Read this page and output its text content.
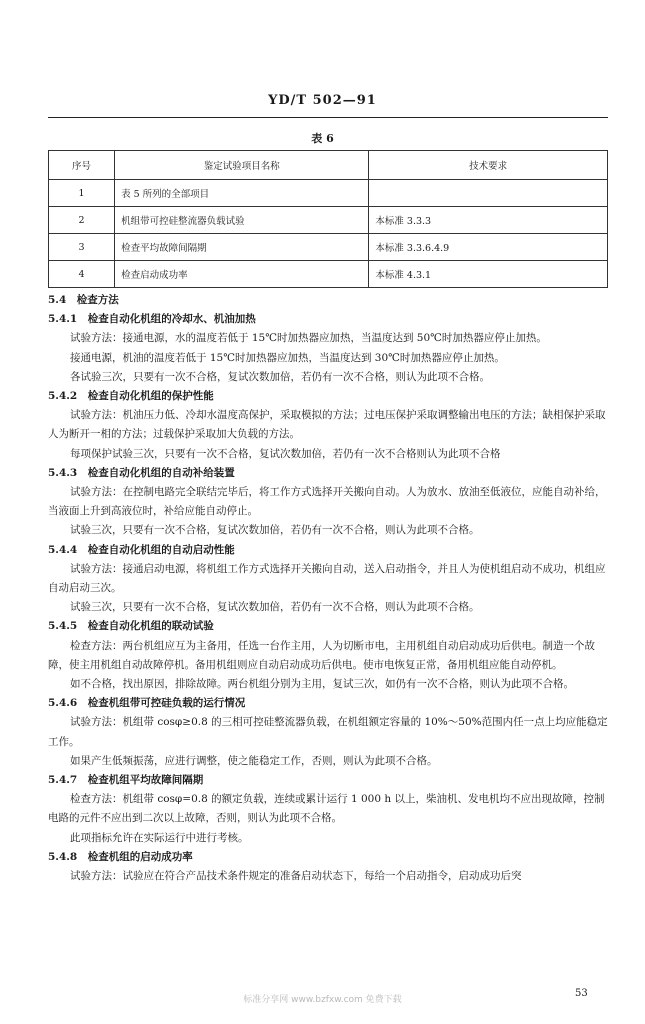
YD/T 502—91
表 6
序号	鉴定试验项目名称	技术要求
1	表 5 所列的全部项目	
2	机组带可控硅整流器负载试验	本标准 3.3.3
3	检查平均故障间隔期	本标准 3.3.6.4.9
4	检查启动成功率	本标准 4.3.1

5.4　检查方法

5.4.1　检查自动化机组的冷却水、机油加热

试验方法：接通电源，水的温度若低于 15℃时加热器应加热，当温度达到 50℃时加热器应停止加热。

接通电源，机油的温度若低于 15℃时加热器应加热，当温度达到 30℃时加热器应停止加热。

各试验三次，只要有一次不合格，复试次数加倍，若仍有一次不合格，则认为此项不合格。

5.4.2　检查自动化机组的保护性能

试验方法：机油压力低、冷却水温度高保护，采取模拟的方法；过电压保护采取调整输出电压的方法；缺相保护采取人为断开一相的方法；过载保护采取加大负载的方法。

每项保护试验三次，只要有一次不合格，复试次数加倍，若仍有一次不合格则认为此项不合格

5.4.3　检查自动化机组的自动补给装置

试验方法：在控制电路完全联结完毕后，将工作方式选择开关搬向自动。人为放水、放油至低液位，应能自动补给，当液面上升到高液位时，补给应能自动停止。

试验三次，只要有一次不合格，复试次数加倍，若仍有一次不合格，则认为此项不合格。

5.4.4　检查自动化机组的自动启动性能

试验方法：接通启动电源，将机组工作方式选择开关搬向自动，送入启动指令，并且人为使机组启动不成功，机组应自动启动三次。

试验三次，只要有一次不合格，复试次数加倍，若仍有一次不合格，则认为此项不合格。

5.4.5　检查自动化机组的联动试验

检查方法：两台机组应互为主备用，任选一台作主用，人为切断市电，主用机组自动启动成功后供电。制造一个故障，使主用机组自动故障停机。备用机组则应自动启动成功后供电。使市电恢复正常，备用机组应能自动停机。

如不合格，找出原因，排除故障。两台机组分别为主用，复试三次，如仍有一次不合格，则认为此项不合格。

5.4.6　检查机组带可控硅负载的运行情况

试验方法：机组带 cosφ≥0.8 的三相可控硅整流器负载，在机组额定容量的 10%～50%范围内任一点上均应能稳定工作。

如果产生低频振荡，应进行调整，使之能稳定工作，否则，则认为此项不合格。

5.4.7　检查机组平均故障间隔期

检查方法：机组带 cosφ=0.8 的额定负载，连续或累计运行 1 000 h 以上，柴油机、发电机均不应出现故障，控制电路的元件不应出到二次以上故障，否则，则认为此项不合格。

此项指标允许在实际运行中进行考核。

5.4.8　检查机组的启动成功率

试验方法：试验应在符合产品技术条件规定的准备启动状态下，每给一个启动指令，启动成功后突

53
标准分享网 www.bzfxw.com 免费下载
